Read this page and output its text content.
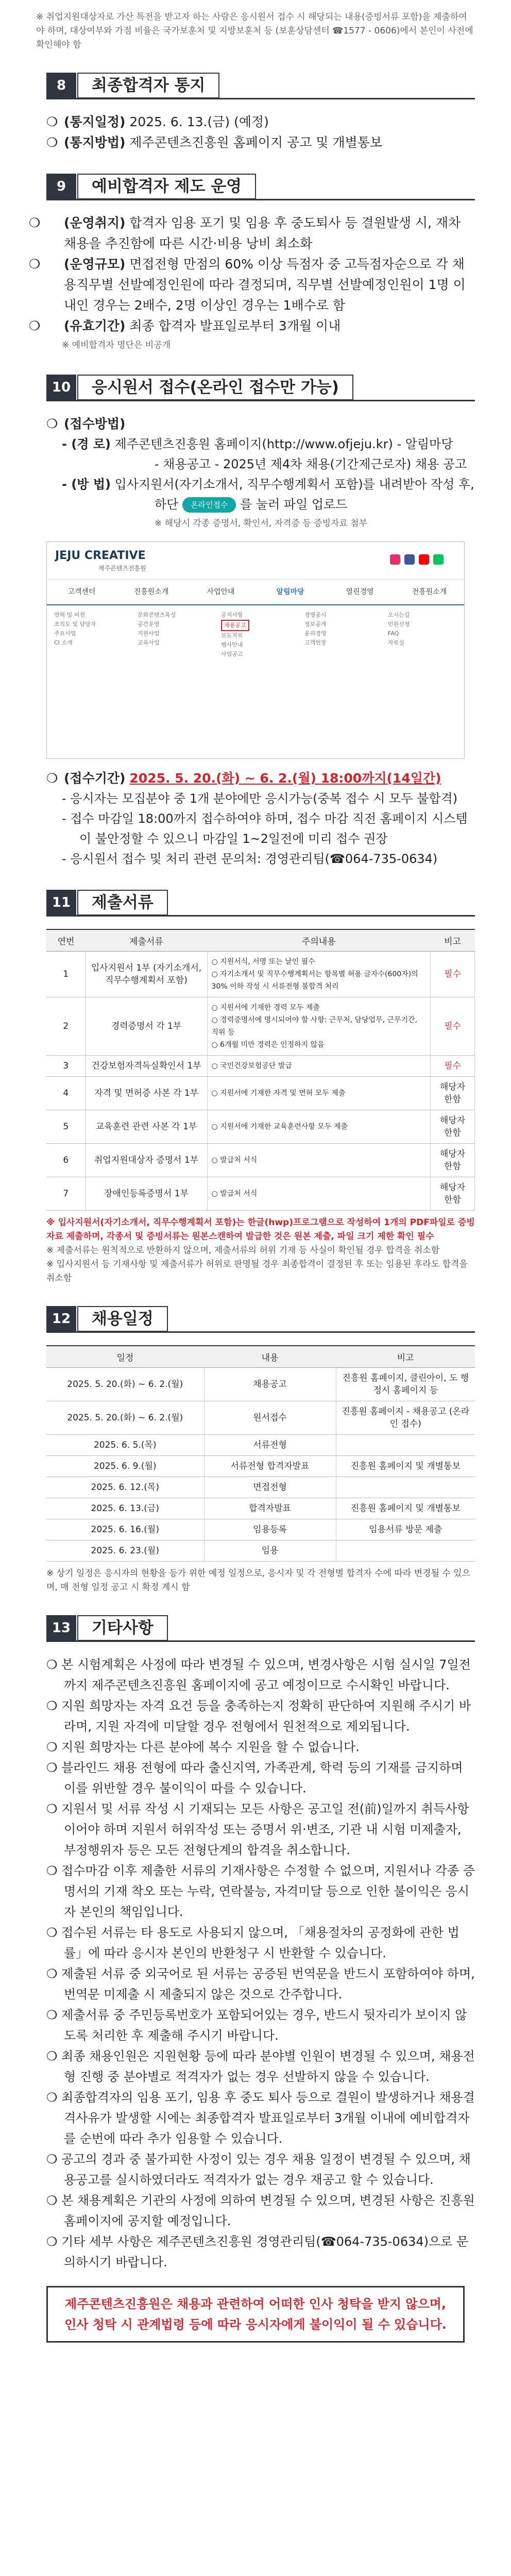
※ 취업지원대상자로 가산 특전을 받고자 하는 사람은 응시원서 접수 시 해당되는 내용(증빙서류 포함)을 제출하여야 하며, 대상여부와 가점 비율은 국가보훈처 및 지방보훈처 등 (보훈상담센터 ☎1577 - 0606)에서 본인이 사전에 확인해야 함
8	최종합격자 통지
❍ (통지일정) 2025. 6. 13.(금) (예정)
❍ (통지방법) 제주콘텐츠진흥원 홈페이지 공고 및 개별통보
9	예비합격자 제도 운영
❍ (운영취지) 합격자 임용 포기 및 임용 후 중도퇴사 등 결원발생 시, 재차 채용을 추진함에 따른 시간·비용 낭비 최소화
❍ (운영규모) 면접전형 만점의 60% 이상 득점자 중 고득점자순으로 각 채용직무별 선발예정인원에 따라 결정되며, 직무별 선발예정인원이 1명 이내인 경우는 2배수, 2명 이상인 경우는 1배수로 함
❍ (유효기간) 최종 합격자 발표일로부터 3개월 이내
※ 예비합격자 명단은 비공개
10	응시원서 접수(온라인 접수만 가능)
❍ (접수방법)
- (경 로) 제주콘텐츠진흥원 홈페이지(http://www.ofjeju.kr) - 알림마당
- 채용공고 - 2025년 제4차 채용(기간제근로자) 채용 공고
- (방 법) 입사지원서(자기소개서, 직무수행계획서 포함)를 내려받아 작성 후,
하단 온라인접수 를 눌러 파일 업로드
※ 해당시 각종 증명서, 확인서, 자격증 등 증빙자료 첨부
JEJU CREATIVE
제주콘텐츠진흥원
고객센터	진흥원소개	사업안내	알림마당	열린경영	전흥원소개
연혁 및 비전
조직도 및 담당자
주요사업
CI 소개
문화콘텐츠육성
공간운영
지원사업
교육사업
공지사항
채용공고
보도자료
행사안내
사업공고
경영공시
정보공개
윤리경영
고객헌장
오시는길
민원신청
FAQ
자료실
❍ (접수기간) 2025. 5. 20.(화) ~ 6. 2.(월) 18:00까지(14일간)
- 응시자는 모집분야 중 1개 분야에만 응시가능(중복 접수 시 모두 불합격)
- 접수 마감일 18:00까지 접수하여야 하며, 접수 마감 직전 홈페이지 시스템이 불안정할 수 있으니 마감일 1~2일전에 미리 접수 권장
- 응시원서 접수 및 처리 관련 문의처: 경영관리팀(☎064-735-0634)
11	제출서류
연번	제출서류	주의내용	비고
1	입사지원서 1부 (자기소개서, 직무수행계획서 포함)	○ 지원서식, 서명 또는 날인 필수
○ 자기소개서 및 직무수행계획서는 항목별 허용 글자수(600자)의 30% 이하 작성 시 서류전형 불합격 처리	필수
2	경력증명서 각 1부	○ 지원서에 기재한 경력 모두 제출
○ 경력증명서에 명시되어야 할 사항: 근무처, 담당업무, 근무기간, 직위 등
○ 6개월 미만 경력은 인정하지 않음	필수
3	건강보험자격득실확인서 1부	○ 국민건강보험공단 발급	필수
4	자격 및 면허증 사본 각 1부	○ 지원서에 기재한 자격 및 면허 모두 제출	해당자 한함
5	교육훈련 관련 사본 각 1부	○ 지원서에 기재한 교육훈련사항 모두 제출	해당자 한함
6	취업지원대상자 증명서 1부	○ 발급처 서식	해당자 한함
7	장애인등록증명서 1부	○ 발급처 서식	해당자 한함
※ 입사지원서(자기소개서, 직무수행계획서 포함)는 한글(hwp)프로그램으로 작성하여 1개의 PDF파일로 증빙자료 제출하며, 각종서 및 증빙서류는 원본스캔하여 발급한 것은 원본 제출, 파일 크기 제한 확인 필수
※ 제출서류는 원칙적으로 반환하지 않으며, 제출서류의 허위 기재 등 사실이 확인될 경우 합격을 취소함
※ 입사지원서 등 기재사항 및 제출서류가 허위로 판명될 경우 최종합격이 결정된 후 또는 임용된 후라도 합격을 취소함
12	채용일정
일정	내용	비고
2025. 5. 20.(화) ~ 6. 2.(월)	채용공고	진흥원 홈페이지, 클린아이, 도 행정시 홈페이지 등
2025. 5. 20.(화) ~ 6. 2.(월)	원서접수	진흥원 홈페이지 - 채용공고 (온라인 접수)
2025. 6. 5.(목)	서류전형	
2025. 6. 9.(월)	서류전형 합격자발표	진흥원 홈페이지 및 개별통보
2025. 6. 12.(목)	면접전형	
2025. 6. 13.(금)	합격자발표	진흥원 홈페이지 및 개별통보
2025. 6. 16.(월)	임용등록	임용서류 방문 제출
2025. 6. 23.(월)	임용	
※ 상기 일정은 응시자의 현황을 등가 위한 예정 일정으로, 응시자 및 각 전형별 합격자 수에 따라 변경될 수 있으며, 매 전형 일정 공고 시 확정 계시 함
13	기타사항
❍ 본 시험계획은 사정에 따라 변경될 수 있으며, 변경사항은 시험 실시일 7일전까지 제주콘텐츠진흥원 홈페이지에 공고 예정이므로 수시확인 바랍니다.
❍ 지원 희망자는 자격 요건 등을 충족하는지 정확히 판단하여 지원해 주시기 바라며, 지원 자격에 미달할 경우 전형에서 원천적으로 제외됩니다.
❍ 지원 희망자는 다른 분야에 복수 지원을 할 수 없습니다.
❍ 블라인드 채용 전형에 따라 출신지역, 가족관계, 학력 등의 기재를 금지하며 이를 위반할 경우 불이익이 따를 수 있습니다.
❍ 지원서 및 서류 작성 시 기재되는 모든 사항은 공고일 전(前)일까지 취득사항이어야 하며 지원서 허위작성 또는 증명서 위·변조, 기관 내 시험 미제출자, 부정행위자 등은 모든 전형단계의 합격을 취소합니다.
❍ 접수마감 이후 제출한 서류의 기재사항은 수정할 수 없으며, 지원서나 각종 증명서의 기재 착오 또는 누락, 연락불능, 자격미달 등으로 인한 불이익은 응시자 본인의 책임입니다.
❍ 접수된 서류는 타 용도로 사용되지 않으며, 「채용절차의 공정화에 관한 법률」에 따라 응시자 본인의 반환청구 시 반환할 수 있습니다.
❍ 제출된 서류 중 외국어로 된 서류는 공증된 번역문을 반드시 포함하여야 하며, 번역문 미제출 시 제출되지 않은 것으로 간주합니다.
❍ 제출서류 중 주민등록번호가 포함되어있는 경우, 반드시 뒷자리가 보이지 않도록 처리한 후 제출해 주시기 바랍니다.
❍ 최종 채용인원은 지원현황 등에 따라 분야별 인원이 변경될 수 있으며, 채용전형 진행 중 분야별로 적격자가 없는 경우 선발하지 않을 수 있습니다.
❍ 최종합격자의 임용 포기, 임용 후 중도 퇴사 등으로 결원이 발생하거나 채용결격사유가 발생할 시에는 최종합격자 발표일로부터 3개월 이내에 예비합격자를 순번에 따라 추가 임용할 수 있습니다.
❍ 공고의 경과 중 불가피한 사정이 있는 경우 채용 일정이 변경될 수 있으며, 채용공고를 실시하였더라도 적격자가 없는 경우 재공고 할 수 있습니다.
❍ 본 채용계획은 기관의 사정에 의하여 변경될 수 있으며, 변경된 사항은 진흥원 홈페이지에 공지할 예정입니다.
❍ 기타 세부 사항은 제주콘텐츠진흥원 경영관리팀(☎064-735-0634)으로 문의하시기 바랍니다.
제주콘텐츠진흥원은 채용과 관련하여 어떠한 인사 청탁을 받지 않으며,
인사 청탁 시 관계법령 등에 따라 응시자에게 불이익이 될 수 있습니다.
